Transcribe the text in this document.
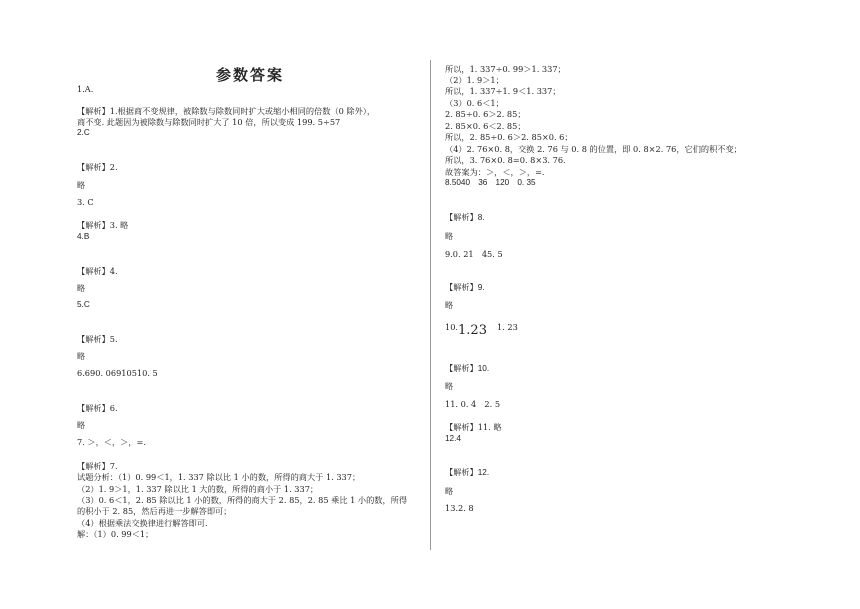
参数答案
1.A.
【解析】1.根据商不变规律，被除数与除数同时扩大或缩小相同的倍数（0 除外），
商不变. 此题因为被除数与除数同时扩大了 10 倍，所以变成 199. 5÷57
2.C
【解析】2.
略
3. C
【解析】3. 略
4.B
【解析】4.
略
5.C
【解析】5.
略
6.690. 06910510. 5
【解析】6.
略
7. ＞，＜，＞，=.
【解析】7.
试题分析：（1）0. 99＜1，1. 337 除以比 1 小的数，所得的商大于 1. 337；
（2）1. 9＞1，1. 337 除以比 1 大的数，所得的商小于 1. 337；
（3）0. 6＜1，2. 85 除以比 1 小的数，所得的商大于 2. 85，2. 85 乘比 1 小的数，所得
的积小于 2. 85，然后再进一步解答即可；
（4）根据乘法交换律进行解答即可.
解：（1）0. 99＜1；
所以，1. 337÷0. 99＞1. 337；
（2）1. 9＞1；
所以，1. 337÷1. 9＜1. 337；
（3）0. 6＜1；
2. 85÷0. 6＞2. 85；
2. 85×0. 6＜2. 85；
所以，2. 85÷0. 6＞2. 85×0. 6；
（4）2. 76×0. 8，交换 2. 76 与 0. 8 的位置，即 0. 8×2. 76，它们的积不变；
所以，3. 76×0. 8=0. 8×3. 76.
故答案为：＞，＜，＞，=.
8.5040　36　120　0. 35
【解析】8.
略
9.0. 21　45. 5
【解析】9.
略
10.1.23 1. 23
【解析】10.
略
11. 0. 4　2. 5
【解析】11. 略
12.4
【解析】12.
略
13.2. 8
